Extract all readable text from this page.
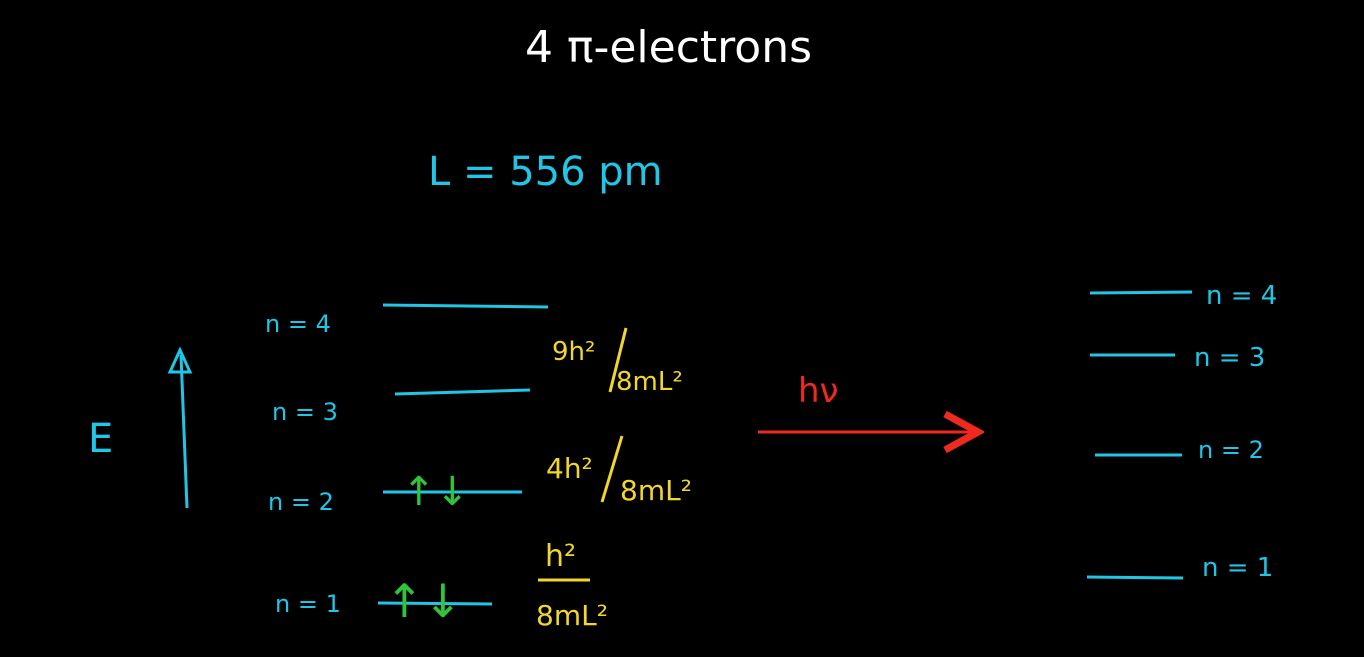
4 π-electrons
L = 556 pm
E
n = 4
n = 3
n = 2
n = 1
↑↓
↑↓
9h²
8mL²
4h²
8mL²
h²
8mL²
hν
n = 4
n = 3
n = 2
n = 1
